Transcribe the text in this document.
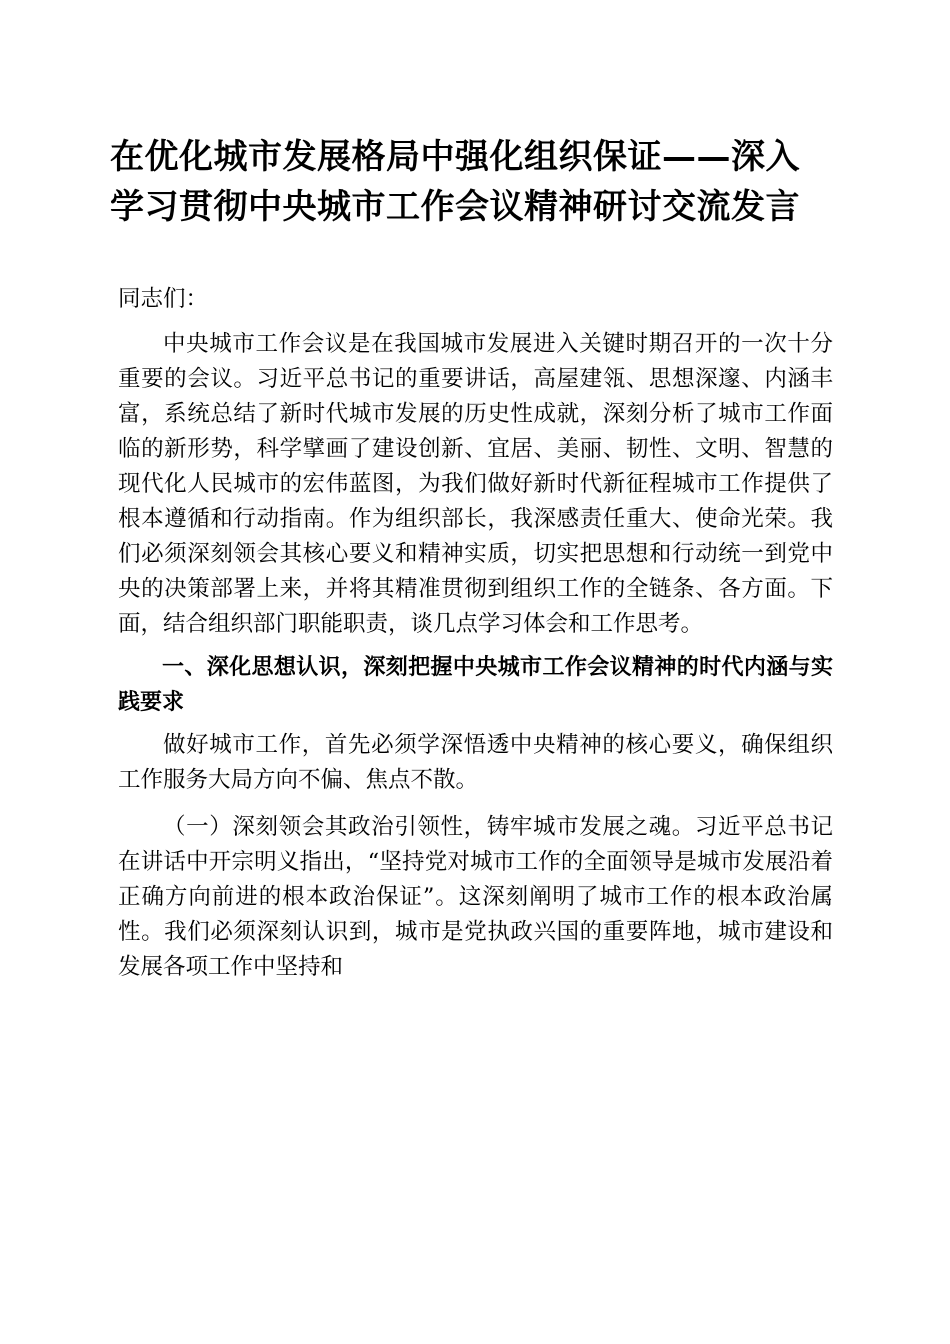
在优化城市发展格局中强化组织保证——深入
学习贯彻中央城市工作会议精神研讨交流发言

同志们：

中央城市工作会议是在我国城市发展进入关键时期召开的一次十分重要的会议。习近平总书记的重要讲话，高屋建瓴、思想深邃、内涵丰富，系统总结了新时代城市发展的历史性成就，深刻分析了城市工作面临的新形势，科学擘画了建设创新、宜居、美丽、韧性、文明、智慧的现代化人民城市的宏伟蓝图，为我们做好新时代新征程城市工作提供了根本遵循和行动指南。作为组织部长，我深感责任重大、使命光荣。我们必须深刻领会其核心要义和精神实质，切实把思想和行动统一到党中央的决策部署上来，并将其精准贯彻到组织工作的全链条、各方面。下面，结合组织部门职能职责，谈几点学习体会和工作思考。

一、深化思想认识，深刻把握中央城市工作会议精神的时代内涵与实践要求

做好城市工作，首先必须学深悟透中央精神的核心要义，确保组织工作服务大局方向不偏、焦点不散。

（一）深刻领会其政治引领性，铸牢城市发展之魂。习近平总书记在讲话中开宗明义指出，“坚持党对城市工作的全面领导是城市发展沿着正确方向前进的根本政治保证”。这深刻阐明了城市工作的根本政治属性。我们必须深刻认识到，城市是党执政兴国的重要阵地，城市建设和发展各项工作中坚持和
